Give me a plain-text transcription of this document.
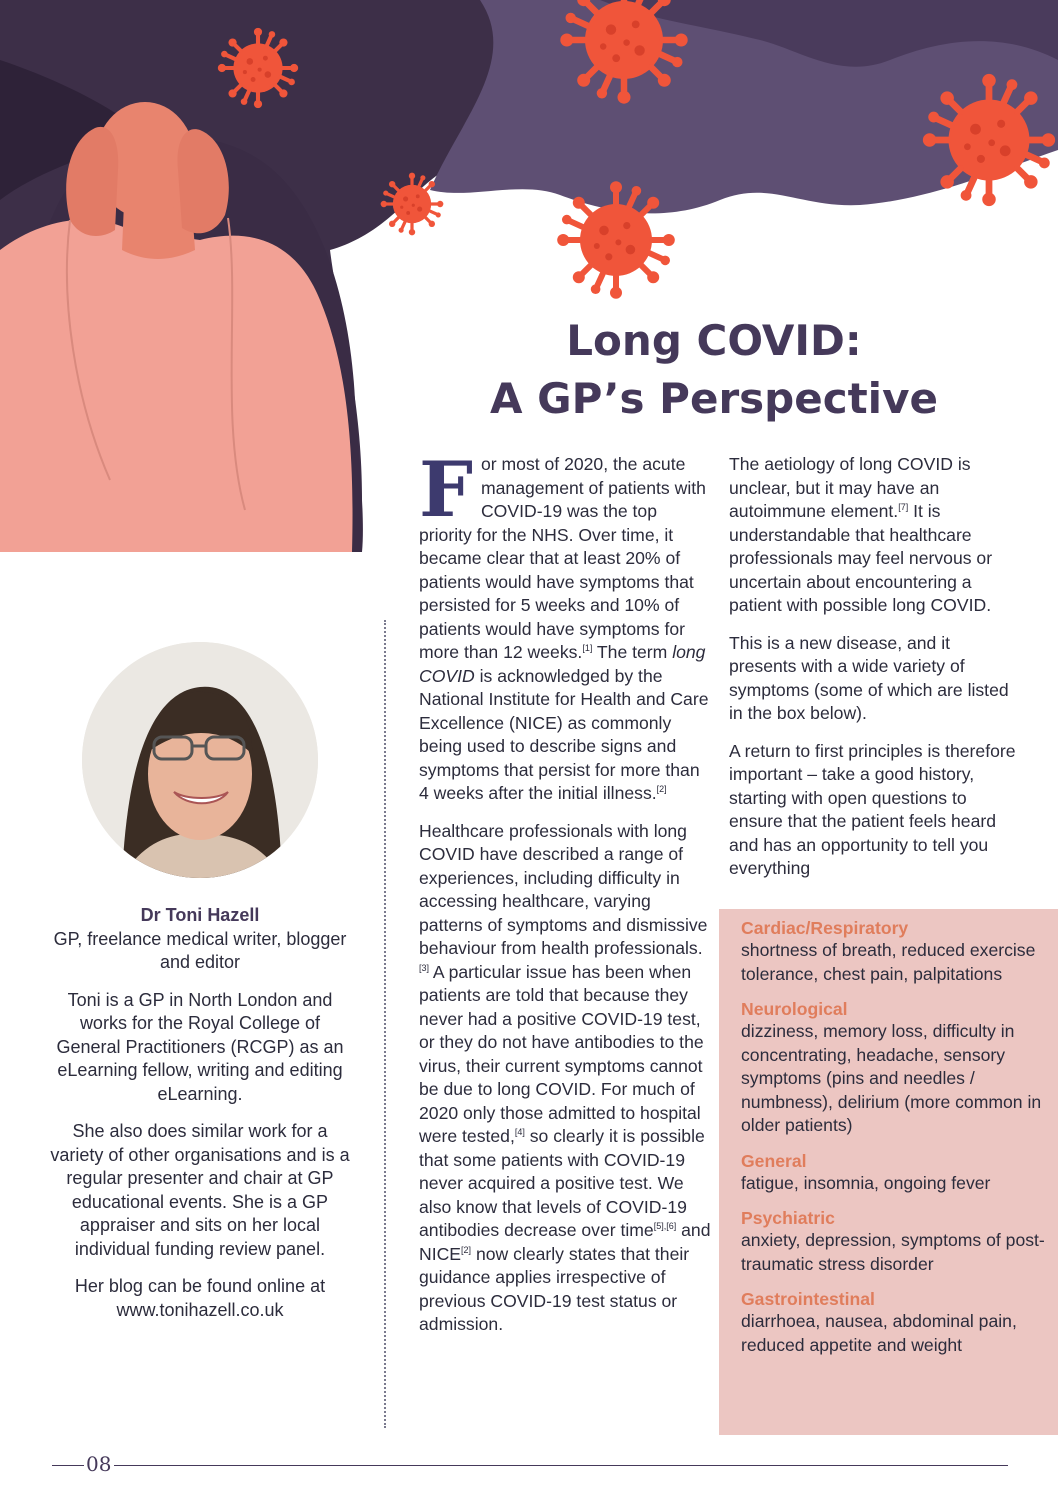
Long COVID:
A GP’s Perspective
Dr Toni Hazell

GP, freelance medical writer, blogger and editor

Toni is a GP in North London and works for the Royal College of General Practitioners (RCGP) as an eLearning fellow, writing and editing eLearning.

She also does similar work for a variety of other organisations and is a regular presenter and chair at GP educational events. She is a GP appraiser and sits on her local individual funding review panel.

Her blog can be found online at
www.tonihazell.co.uk

For most of 2020, the acute management of patients with COVID-19 was the top priority for the NHS. Over time, it became clear that at least 20% of patients would have symptoms that persisted for 5 weeks and 10% of patients would have symptoms for more than 12 weeks.[1] The term long COVID is acknowledged by the National Institute for Health and Care Excellence (NICE) as commonly being used to describe signs and symptoms that persist for more than 4 weeks after the initial illness.[2]

Healthcare professionals with long COVID have described a range of experiences, including difficulty in accessing healthcare, varying patterns of symptoms and dismissive behaviour from health professionals.[3] A particular issue has been when patients are told that because they never had a positive COVID-19 test, or they do not have antibodies to the virus, their current symptoms cannot be due to long COVID. For much of 2020 only those admitted to hospital were tested,[4] so clearly it is possible that some patients with COVID-19 never acquired a positive test. We also know that levels of COVID-19 antibodies decrease over time[5],[6] and NICE[2] now clearly states that their guidance applies irrespective of previous COVID-19 test status or admission.

The aetiology of long COVID is unclear, but it may have an autoimmune element.[7] It is understandable that healthcare professionals may feel nervous or uncertain about encountering a patient with possible long COVID.

This is a new disease, and it presents with a wide variety of symptoms (some of which are listed in the box below).

A return to first principles is therefore important – take a good history, starting with open questions to ensure that the patient feels heard and has an opportunity to tell you everything

Cardiac/Respiratory
shortness of breath, reduced exercise tolerance, chest pain, palpitations
Neurological
dizziness, memory loss, difficulty in concentrating, headache, sensory symptoms (pins and needles / numbness), delirium (more common in older patients)
General
fatigue, insomnia, ongoing fever
Psychiatric
anxiety, depression, symptoms of post-traumatic stress disorder
Gastrointestinal
diarrhoea, nausea, abdominal pain, reduced appetite and weight
08
